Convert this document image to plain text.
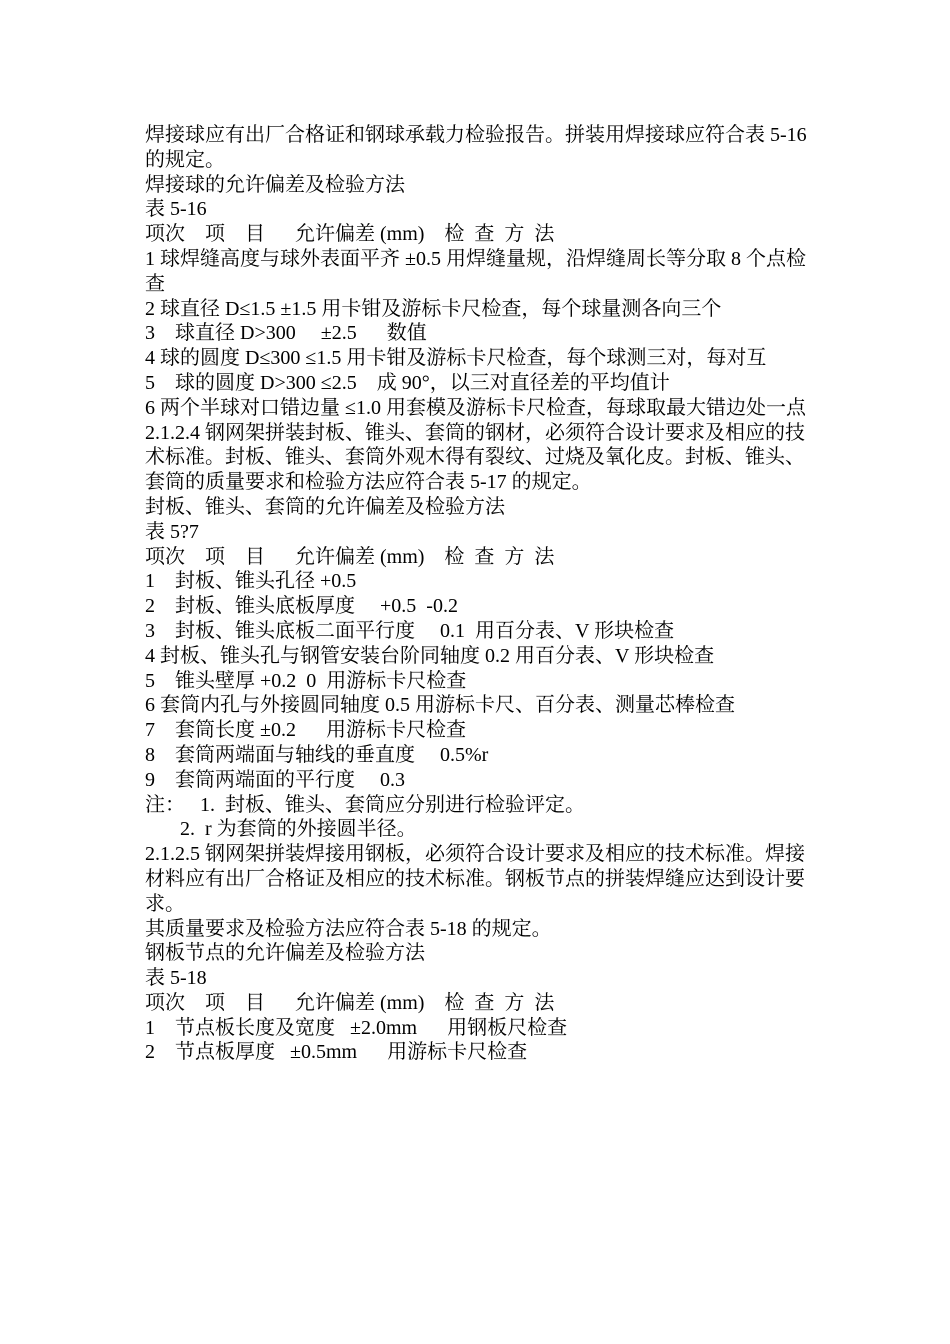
焊接球应有出厂合格证和钢球承载力检验报告。拼装用焊接球应符合表 5-16 的规定。
焊接球的允许偏差及检验方法
表 5-16
项次    项    目      允许偏差 (mm)    检  查  方  法
1 球焊缝高度与球外表面平齐 ±0.5 用焊缝量规，沿焊缝周长等分取 8 个点检查
2 球直径 D≤1.5 ±1.5 用卡钳及游标卡尺检查，每个球量测各向三个
3    球直径 D>300     ±2.5      数值
4 球的圆度 D≤300 ≤1.5 用卡钳及游标卡尺检查，每个球测三对，每对互
5    球的圆度 D>300 ≤2.5    成 90°，以三对直径差的平均值计
6 两个半球对口错边量 ≤1.0 用套模及游标卡尺检查，每球取最大错边处一点
2.1.2.4 钢网架拼装封板、锥头、套筒的钢材，必须符合设计要求及相应的技术标准。封板、锥头、套筒外观木得有裂纹、过烧及氧化皮。封板、锥头、套筒的质量要求和检验方法应符合表 5-17 的规定。
封板、锥头、套筒的允许偏差及检验方法
表 5?7
项次    项    目      允许偏差 (mm)    检  查  方  法
1    封板、锥头孔径 +0.5
2    封板、锥头底板厚度     +0.5  -0.2
3    封板、锥头底板二面平行度     0.1  用百分表、V 形块检查
4 封板、锥头孔与钢管安装台阶同轴度 0.2 用百分表、V 形块检查
5    锥头壁厚 +0.2  0  用游标卡尺检查
6 套筒内孔与外接圆同轴度 0.5 用游标卡尺、百分表、测量芯棒检查
7    套筒长度 ±0.2      用游标卡尺检查
8    套筒两端面与轴线的垂直度     0.5%r
9    套筒两端面的平行度     0.3
注：   1.  封板、锥头、套筒应分别进行检验评定。
2.  r 为套筒的外接圆半径。
2.1.2.5 钢网架拼装焊接用钢板，必须符合设计要求及相应的技术标准。焊接材料应有出厂合格证及相应的技术标准。钢板节点的拼装焊缝应达到设计要求。
其质量要求及检验方法应符合表 5-18 的规定。
钢板节点的允许偏差及检验方法
表 5-18
项次    项    目      允许偏差 (mm)    检  查  方  法
1    节点板长度及宽度   ±2.0mm      用钢板尺检查
2    节点板厚度   ±0.5mm      用游标卡尺检查
